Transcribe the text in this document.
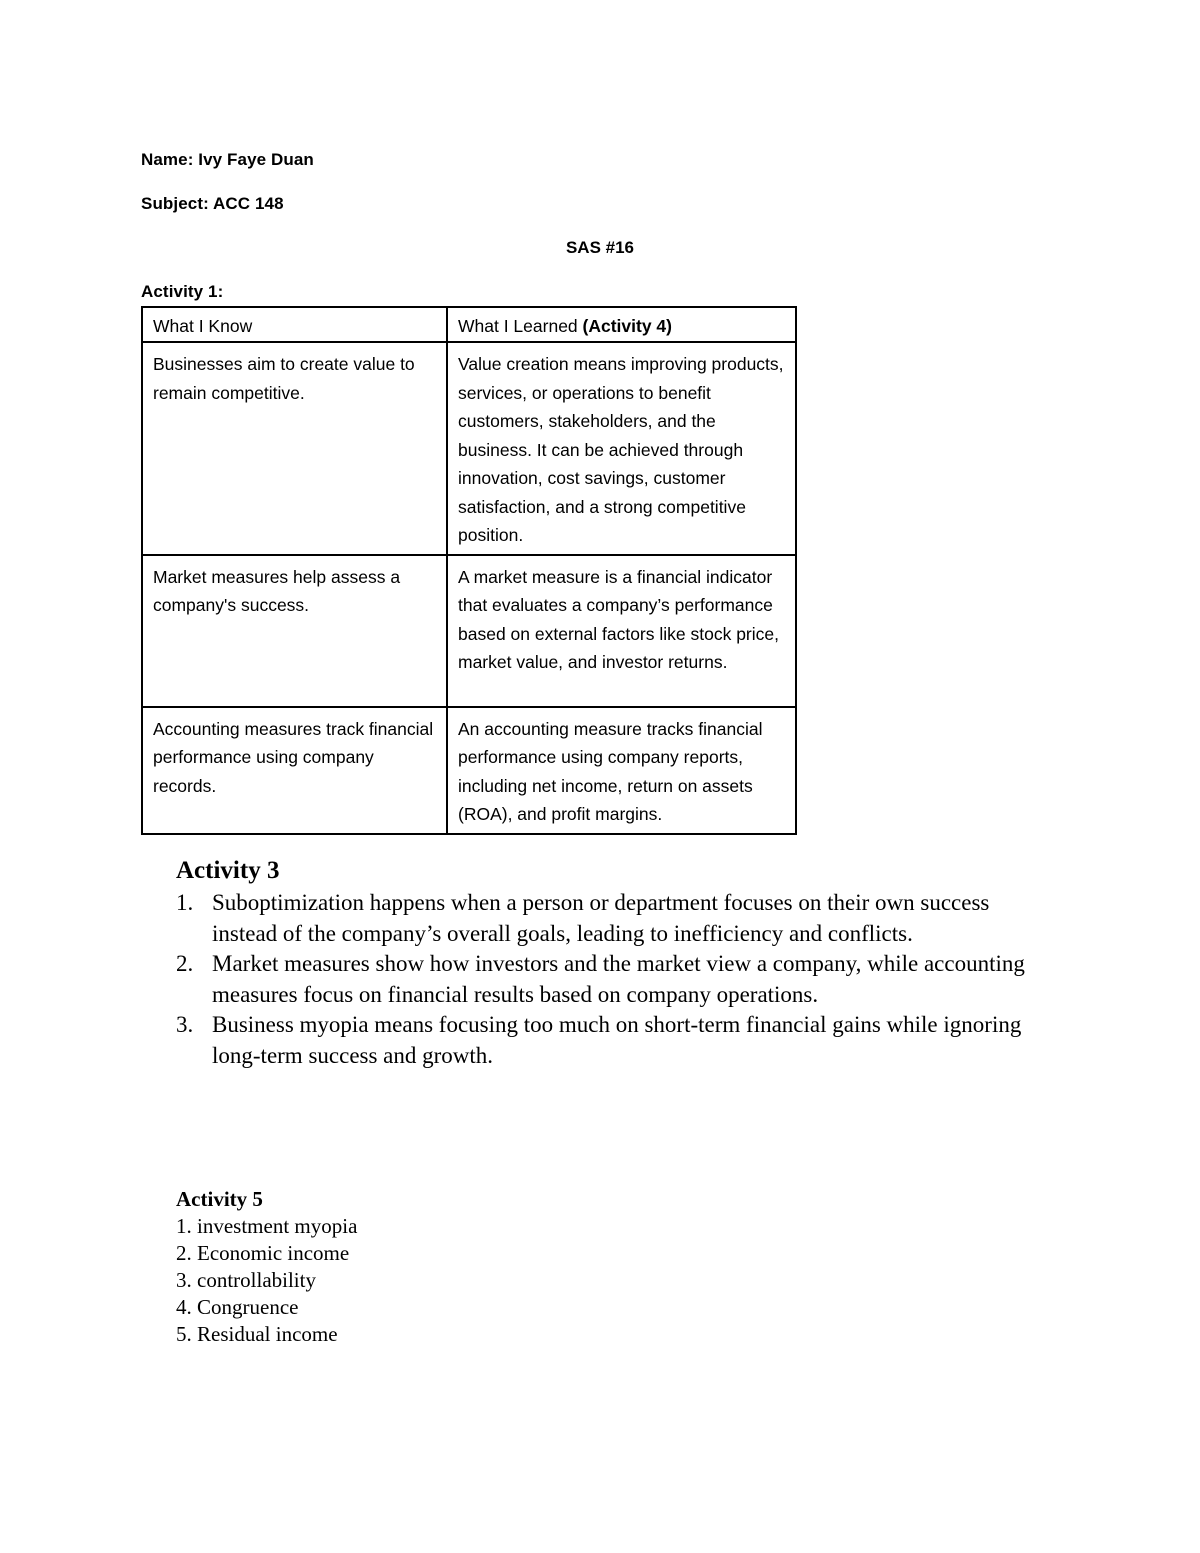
Name: Ivy Faye Duan
Subject: ACC 148
SAS #16
Activity 1:
What I Know	What I Learned (Activity 4)
Businesses aim to create value to remain competitive.	Value creation means improving products, services, or operations to benefit customers, stakeholders, and the business. It can be achieved through innovation, cost savings, customer satisfaction, and a strong competitive position.
Market measures help assess a company's success.	A market measure is a financial indicator that evaluates a company’s performance based on external factors like stock price, market value, and investor returns.
Accounting measures track financial performance using company records.	An accounting measure tracks financial performance using company reports, including net income, return on assets (ROA), and profit margins.
Activity 3
1. Suboptimization happens when a person or department focuses on their own success instead of the company’s overall goals, leading to inefficiency and conflicts.
2. Market measures show how investors and the market view a company, while accounting measures focus on financial results based on company operations.
3. Business myopia means focusing too much on short-term financial gains while ignoring long-term success and growth.
Activity 5
1. investment myopia
2. Economic income
3. controllability
4. Congruence
5. Residual income
